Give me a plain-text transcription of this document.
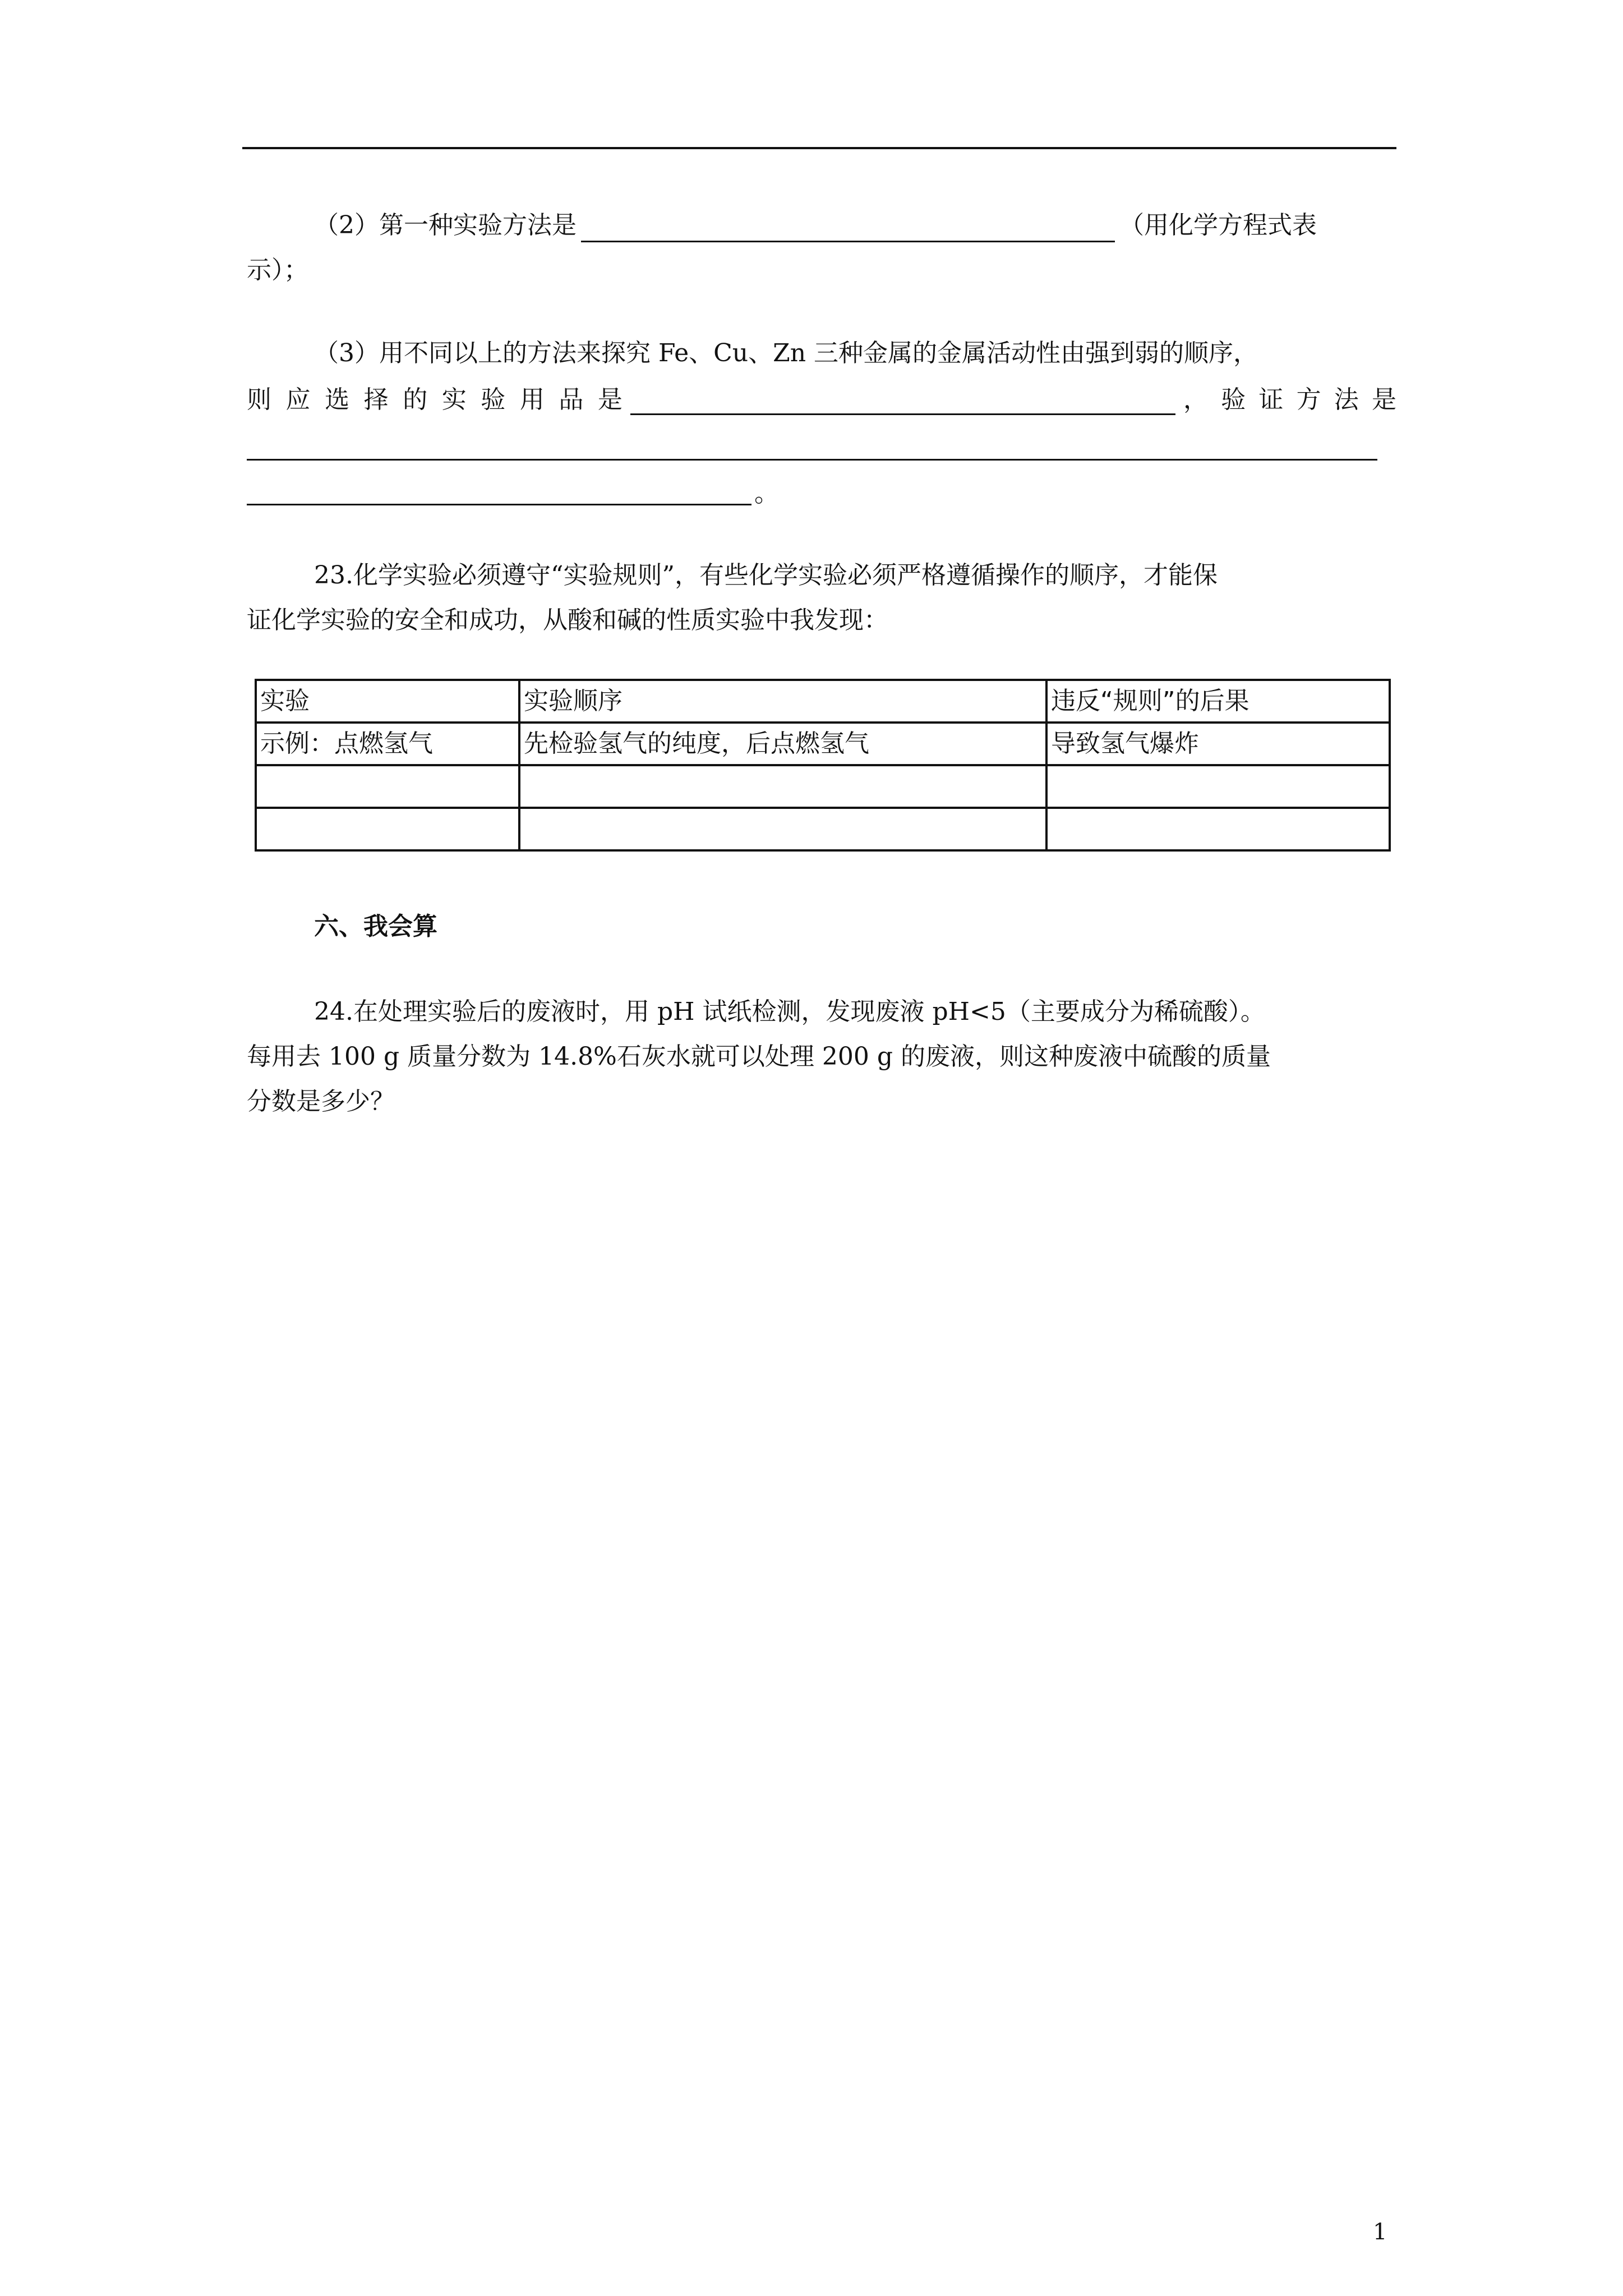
（2）第一种实验方法是	（用化学方程式表
示）；
（3）用不同以上的方法来探究 Fe、Cu、Zn 三种金属的金属活动性由强到弱的顺序，
则 应 选 择 的 实 验 用 品 是	， 验 证 方 法 是
。
23.化学实验必须遵守“实验规则”，有些化学实验必须严格遵循操作的顺序，才能保
证化学实验的安全和成功，从酸和碱的性质实验中我发现：
实验	实验顺序	违反“规则”的后果
示例：点燃氢气	先检验氢气的纯度，后点燃氢气	导致氢气爆炸

六、我会算
24.在处理实验后的废液时，用 pH 试纸检测，发现废液 pH<5（主要成分为稀硫酸）。
每用去 100 g 质量分数为 14.8%石灰水就可以处理 200 g 的废液，则这种废液中硫酸的质量
分数是多少？
1
